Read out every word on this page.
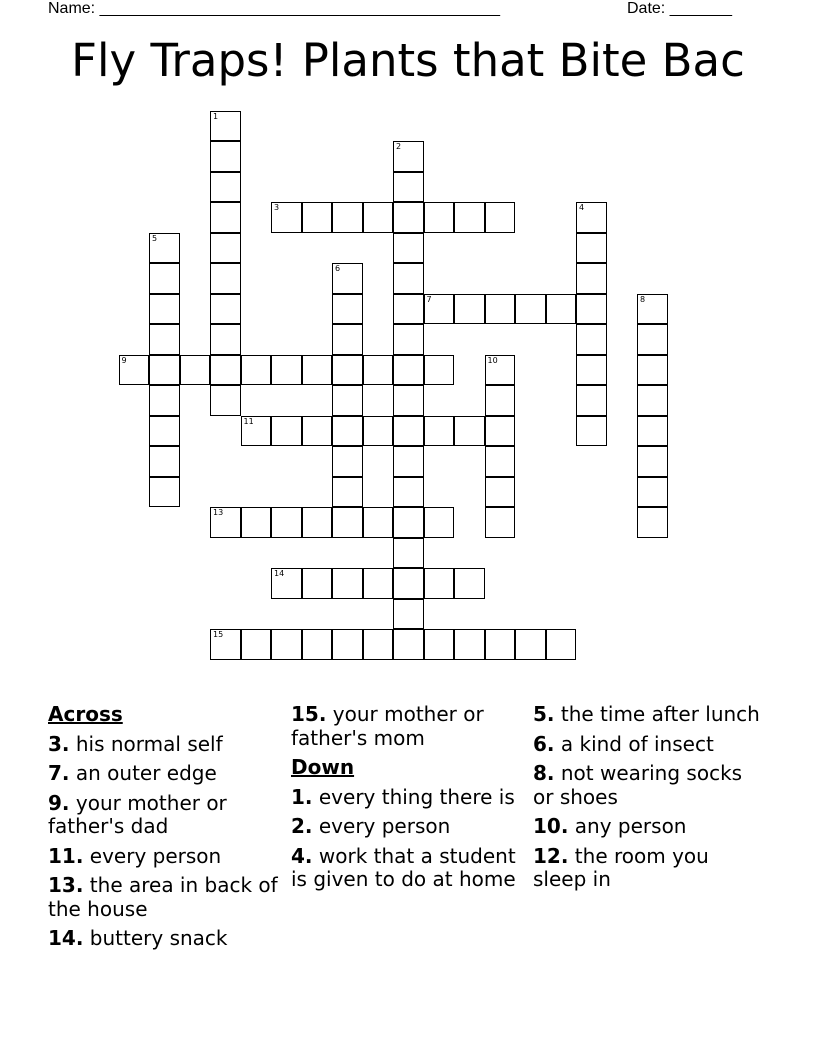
Name: _____________________________________________	Date: _______
Fly Traps! Plants that Bite Bac
1
2
3	4
5
6
7	8
9	10
11
13
14
15
Across
3. his normal self
7. an outer edge
9. your mother or father's dad
11. every person
13. the area in back of the house
14. buttery snack
15. your mother or father's mom
Down
1. every thing there is
2. every person
4. work that a student is given to do at home
5. the time after lunch
6. a kind of insect
8. not wearing socks or shoes
10. any person
12. the room you sleep in
